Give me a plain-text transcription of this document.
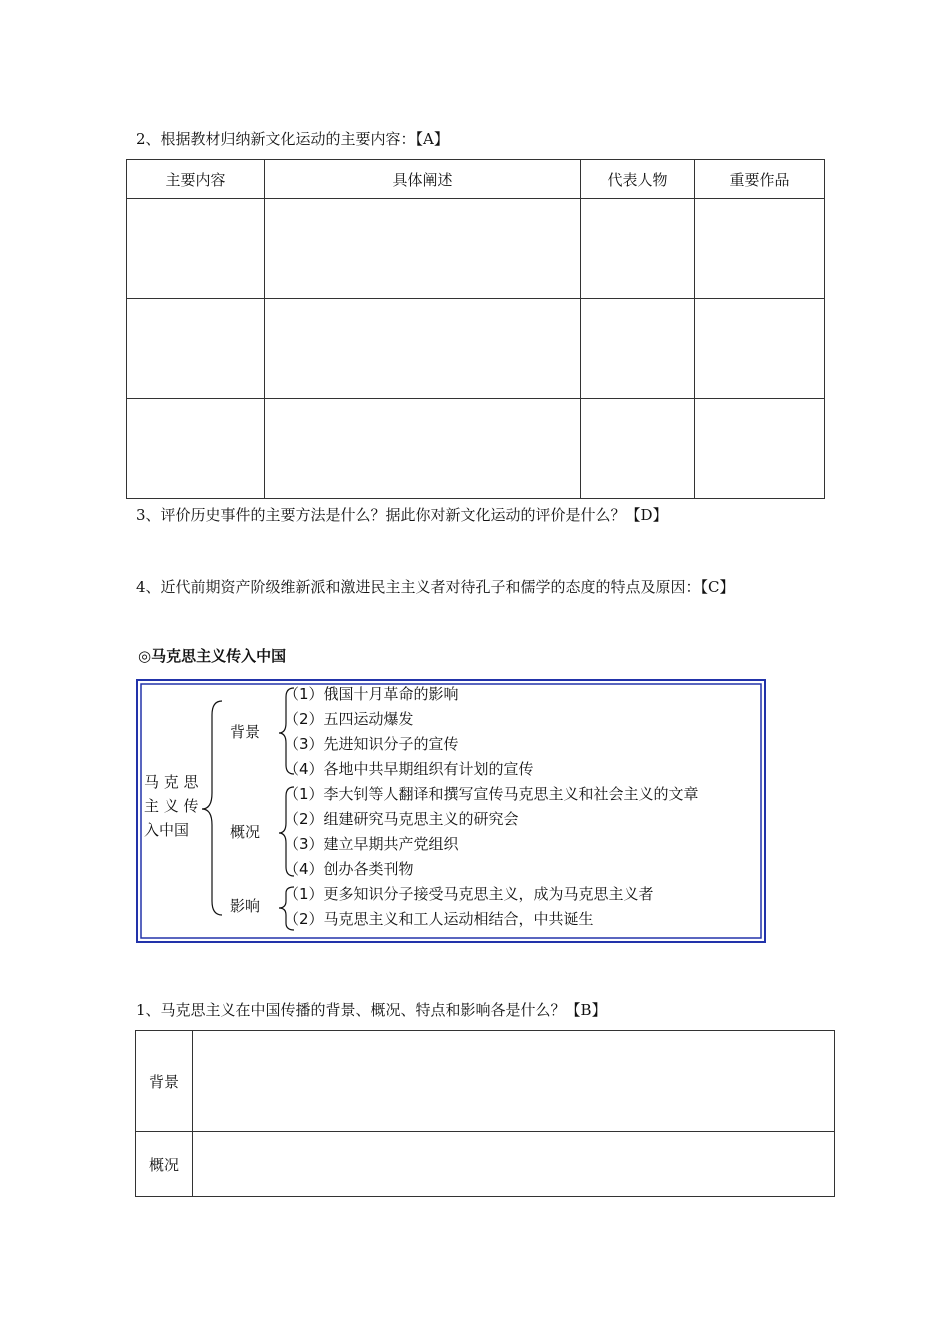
2、根据教材归纳新文化运动的主要内容：【A】
主要内容	具体阐述	代表人物	重要作品

3、评价历史事件的主要方法是什么？据此你对新文化运动的评价是什么？【D】
4、近代前期资产阶级维新派和激进民主主义者对待孔子和儒学的态度的特点及原因：【C】
◎马克思主义传入中国
马 克 思
主 义 传
入中国
背景
概况
影响
（1）俄国十月革命的影响
（2）五四运动爆发
（3）先进知识分子的宣传
（4）各地中共早期组织有计划的宣传
（1）李大钊等人翻译和撰写宣传马克思主义和社会主义的文章
（2）组建研究马克思主义的研究会
（3）建立早期共产党组织
（4）创办各类刊物
（1）更多知识分子接受马克思主义，成为马克思主义者
（2）马克思主义和工人运动相结合，中共诞生
1、马克思主义在中国传播的背景、概况、特点和影响各是什么？【B】
背景	
概况	
